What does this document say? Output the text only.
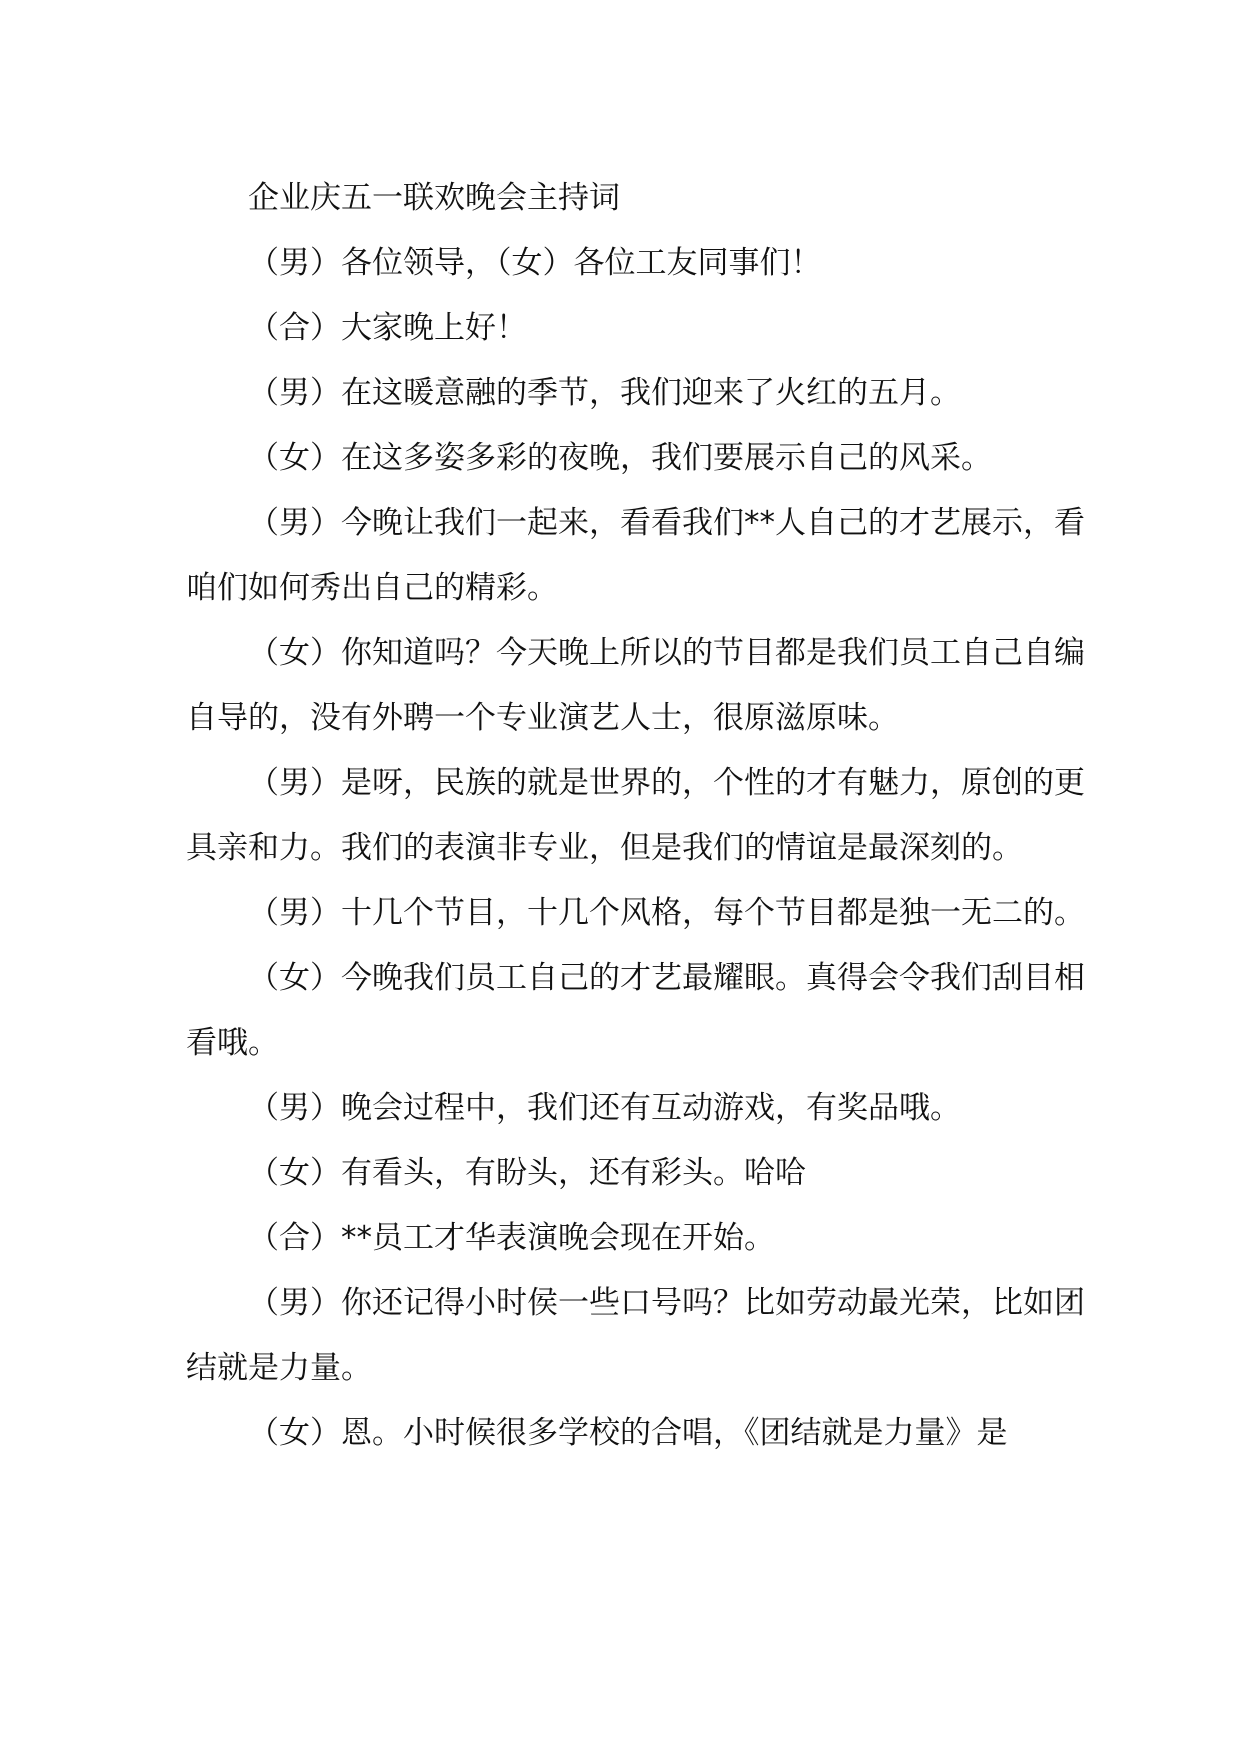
企业庆五一联欢晚会主持词

（男）各位领导，（女）各位工友同事们！

（合）大家晚上好！

（男）在这暖意融的季节，我们迎来了火红的五月。

（女）在这多姿多彩的夜晚，我们要展示自己的风采。

（男）今晚让我们一起来，看看我们**人自己的才艺展示，看咱们如何秀出自己的精彩。

（女）你知道吗？今天晚上所以的节目都是我们员工自己自编自导的，没有外聘一个专业演艺人士，很原滋原味。

（男）是呀，民族的就是世界的，个性的才有魅力，原创的更具亲和力。我们的表演非专业，但是我们的情谊是最深刻的。

（男）十几个节目，十几个风格，每个节目都是独一无二的。

（女）今晚我们员工自己的才艺最耀眼。真得会令我们刮目相看哦。

（男）晚会过程中，我们还有互动游戏，有奖品哦。

（女）有看头，有盼头，还有彩头。哈哈

（合）**员工才华表演晚会现在开始。

（男）你还记得小时侯一些口号吗？比如劳动最光荣，比如团结就是力量。

（女）恩。小时候很多学校的合唱，《团结就是力量》是
